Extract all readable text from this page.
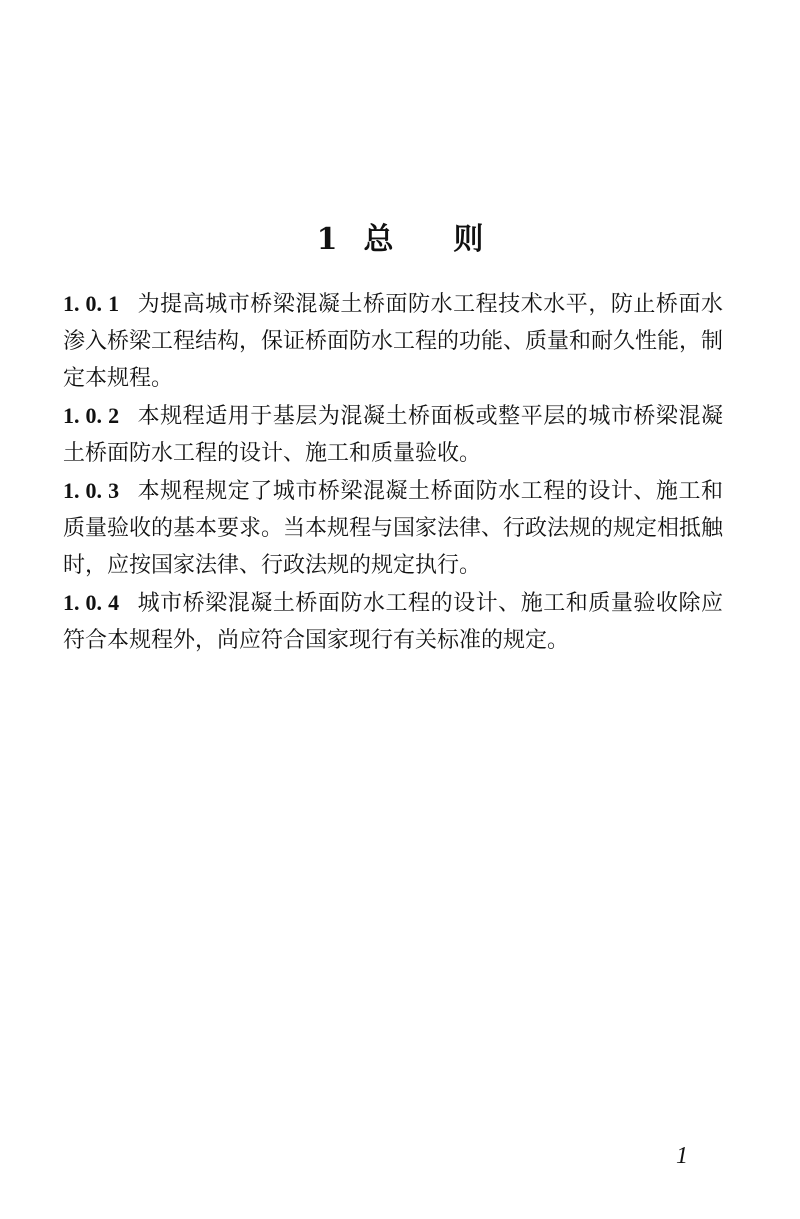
1 总则

1. 0. 1 为提高城市桥梁混凝土桥面防水工程技术水平，防止桥面水渗入桥梁工程结构，保证桥面防水工程的功能、质量和耐久性能，制定本规程。

1. 0. 2 本规程适用于基层为混凝土桥面板或整平层的城市桥梁混凝土桥面防水工程的设计、施工和质量验收。

1. 0. 3 本规程规定了城市桥梁混凝土桥面防水工程的设计、施工和质量验收的基本要求。当本规程与国家法律、行政法规的规定相抵触时，应按国家法律、行政法规的规定执行。

1. 0. 4 城市桥梁混凝土桥面防水工程的设计、施工和质量验收除应符合本规程外，尚应符合国家现行有关标准的规定。

1
